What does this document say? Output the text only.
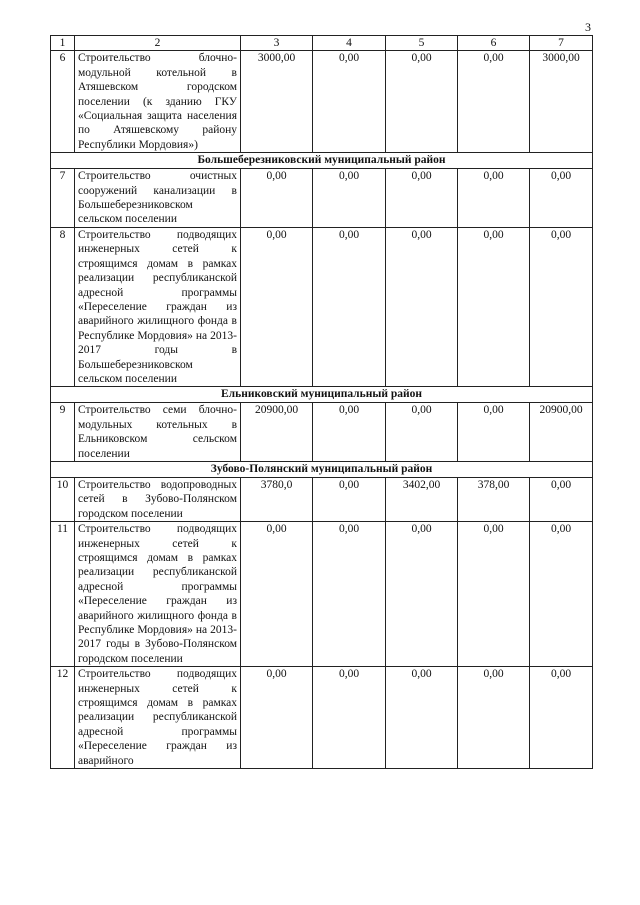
3
1	2	3	4	5	6	7
6	Строительство блочно-модульной котельной в Атяшевском городском поселении (к зданию ГКУ «Социальная защита населения по Атяшевскому району Республики Мордовия»)	3000,00	0,00	0,00	0,00	3000,00
Большеберезниковский муниципальный район						
7	Строительство очистных сооружений канализации в Большеберезниковском сельском поселении	0,00	0,00	0,00	0,00	0,00
8	Строительство подводящих инженерных сетей к строящимся домам в рамках реализации республиканской адресной программы «Переселение граждан из аварийного жилищного фонда в Республике Мордовия» на 2013-2017 годы в Большеберезниковском сельском поселении	0,00	0,00	0,00	0,00	0,00
Ельниковский муниципальный район						
9	Строительство семи блочно-модульных котельных в Ельниковском сельском поселении	20900,00	0,00	0,00	0,00	20900,00
Зубово-Полянский муниципальный район						
10	Строительство водопроводных сетей в Зубово-Полянском городском поселении	3780,0	0,00	3402,00	378,00	0,00
11	Строительство подводящих инженерных сетей к строящимся домам в рамках реализации республиканской адресной программы «Переселение граждан из аварийного жилищного фонда в Республике Мордовия» на 2013-2017 годы в Зубово-Полянском городском поселении	0,00	0,00	0,00	0,00	0,00
12	Строительство подводящих инженерных сетей к строящимся домам в рамках реализации республиканской адресной программы «Переселение граждан из аварийного	0,00	0,00	0,00	0,00	0,00
